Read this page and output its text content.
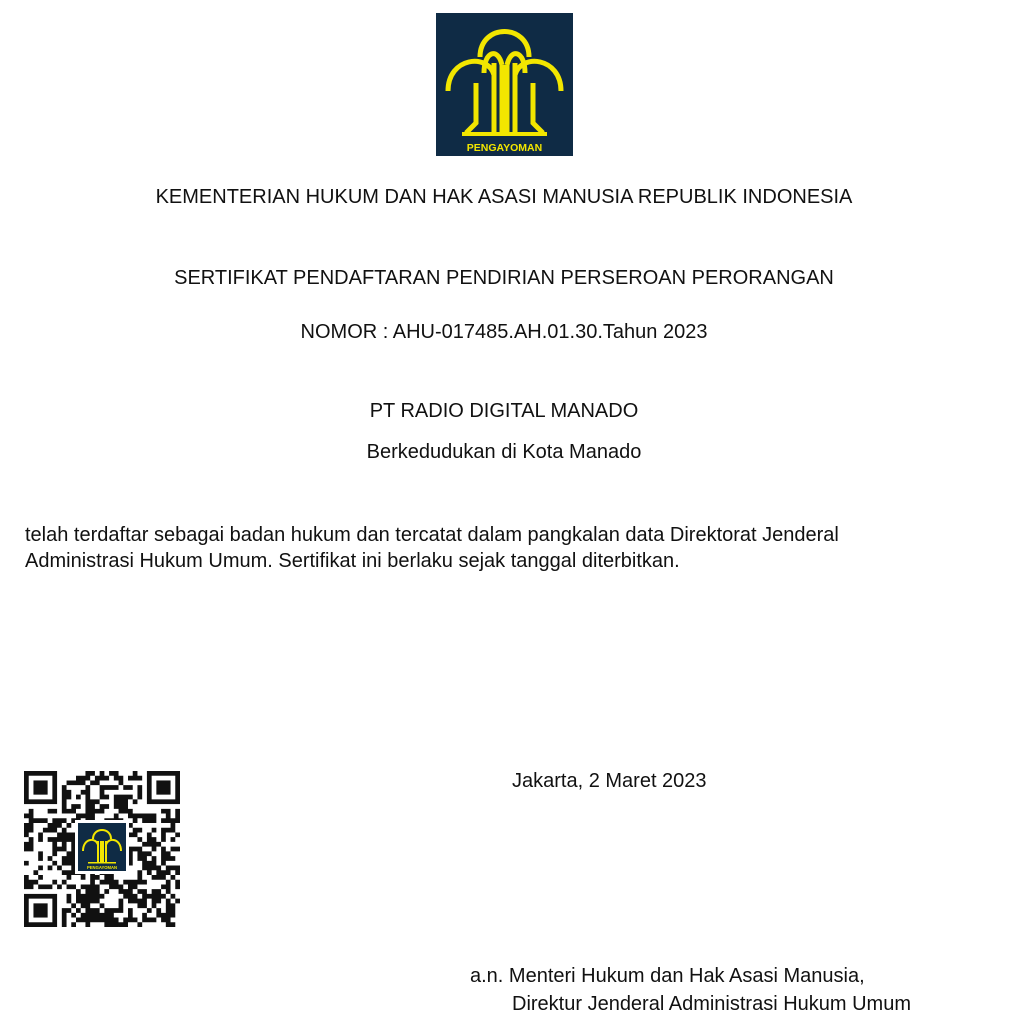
PENGAYOMAN
KEMENTERIAN HUKUM DAN HAK ASASI MANUSIA REPUBLIK INDONESIA
SERTIFIKAT PENDAFTARAN PENDIRIAN PERSEROAN PERORANGAN
NOMOR : AHU-017485.AH.01.30.Tahun 2023
PT RADIO DIGITAL MANADO
Berkedudukan di Kota Manado
telah terdaftar sebagai badan hukum dan tercatat dalam pangkalan data Direktorat Jenderal
Administrasi Hukum Umum. Sertifikat ini berlaku sejak tanggal diterbitkan.
PENGAYOMAN
Jakarta, 2 Maret 2023
a.n. Menteri Hukum dan Hak Asasi Manusia,
Direktur Jenderal Administrasi Hukum Umum
